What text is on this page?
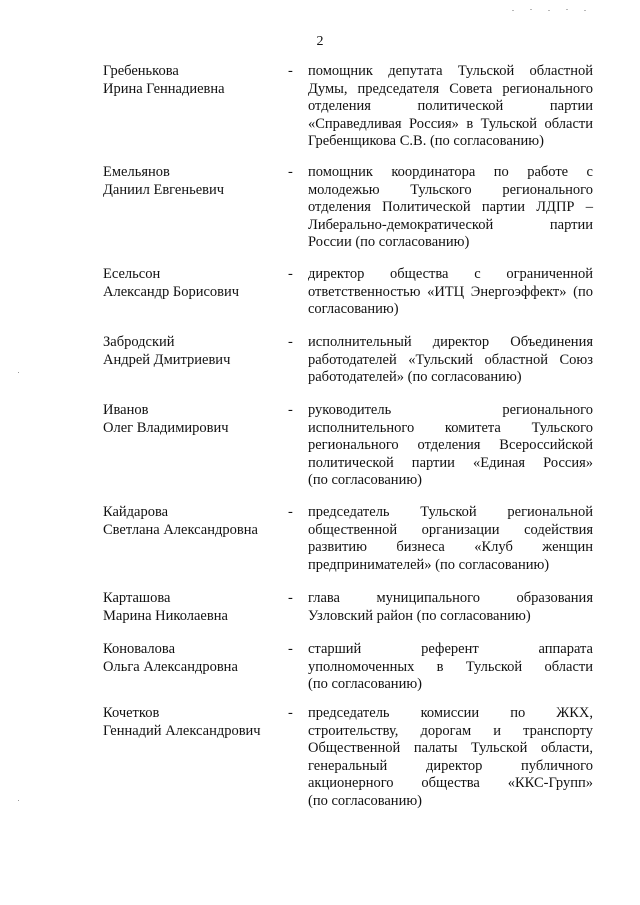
2
Гребенькова
Ирина Геннадиевна
- помощник депутата Тульской областной
Думы, председателя Совета регионального
отделения политической партии
«Справедливая Россия» в Тульской области
Гребенщикова С.В. (по согласованию)
Емельянов
Даниил Евгеньевич
- помощник координатора по работе с
молодежью Тульского регионального
отделения Политической партии ЛДПР –
Либерально-демократической партии
России (по согласованию)
Есельсон
Александр Борисович
- директор общества с ограниченной
ответственностью «ИТЦ Энергоэффект» (по
согласованию)
Забродский
Андрей Дмитриевич
- исполнительный директор Объединения
работодателей «Тульский областной Союз
работодателей» (по согласованию)
Иванов
Олег Владимирович
- руководитель регионального
исполнительного комитета Тульского
регионального отделения Всероссийской
политической партии «Единая Россия»
(по согласованию)
Кайдарова
Светлана Александровна
- председатель Тульской региональной
общественной организации содействия
развитию бизнеса «Клуб женщин
предпринимателей» (по согласованию)
Карташова
Марина Николаевна
- глава муниципального образования
Узловский район (по согласованию)
Коновалова
Ольга Александровна
- старший референт аппарата
уполномоченных в Тульской области
(по согласованию)
Кочетков
Геннадий Александрович
- председатель комиссии по ЖКХ,
строительству, дорогам и транспорту
Общественной палаты Тульской области,
генеральный директор публичного
акционерного общества «ККС-Групп»
(по согласованию)
